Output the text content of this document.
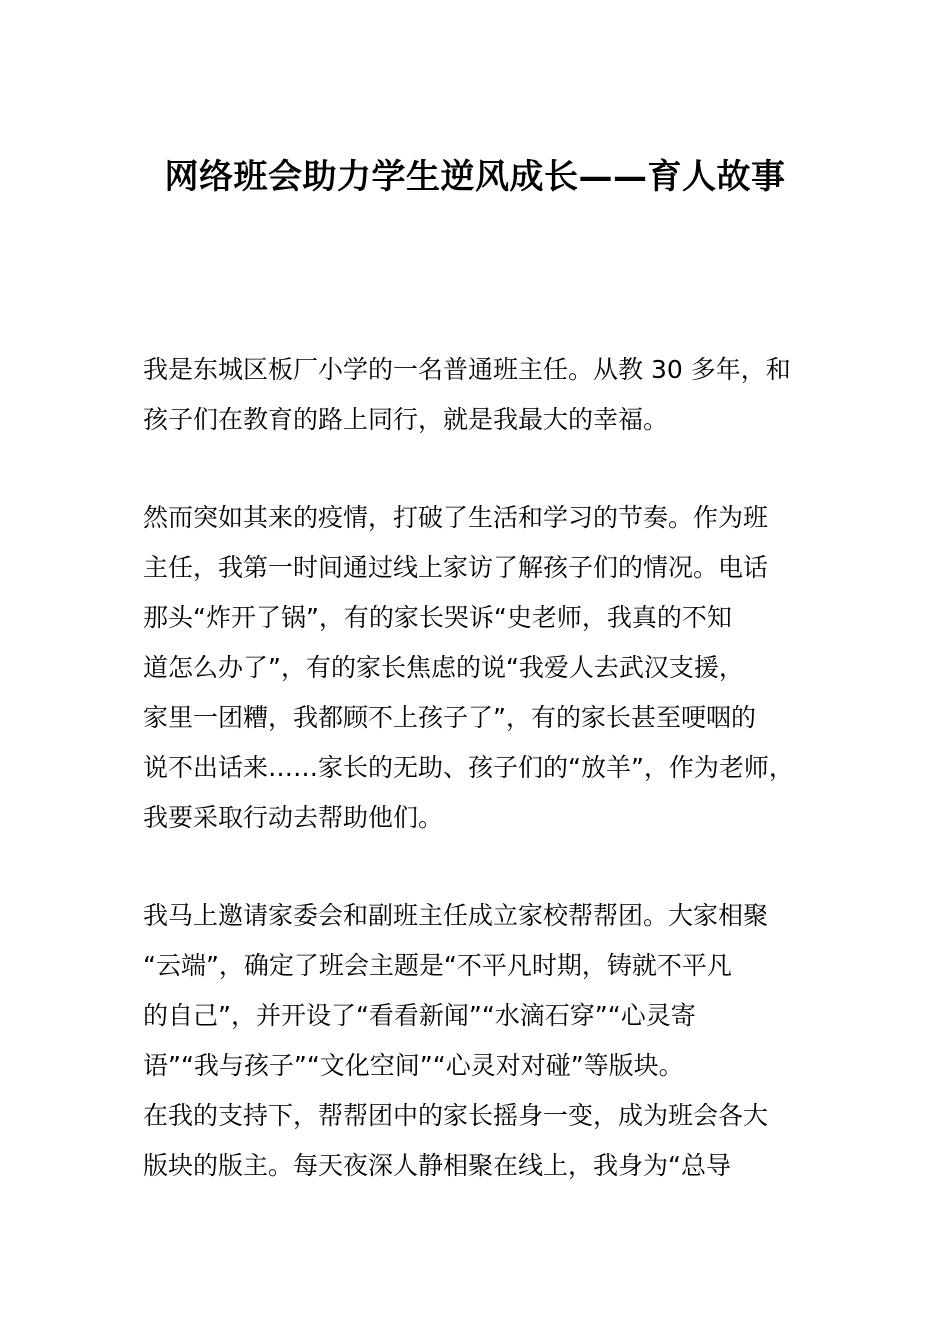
网络班会助力学生逆风成长——育人故事
我是东城区板厂小学的一名普通班主任。从教 30 多年，和
孩子们在教育的路上同行，就是我最大的幸福。
然而突如其来的疫情，打破了生活和学习的节奏。作为班
主任，我第一时间通过线上家访了解孩子们的情况。电话
那头“炸开了锅”，有的家长哭诉“史老师，我真的不知
道怎么办了”，有的家长焦虑的说“我爱人去武汉支援，
家里一团糟，我都顾不上孩子了”，有的家长甚至哽咽的
说不出话来……家长的无助、孩子们的“放羊”，作为老师，
我要采取行动去帮助他们。
我马上邀请家委会和副班主任成立家校帮帮团。大家相聚
“云端”，确定了班会主题是“不平凡时期，铸就不平凡
的自己”，并开设了“看看新闻”“水滴石穿”“心灵寄
语”“我与孩子”“文化空间”“心灵对对碰”等版块。
在我的支持下，帮帮团中的家长摇身一变，成为班会各大
版块的版主。每天夜深人静相聚在线上，我身为“总导
